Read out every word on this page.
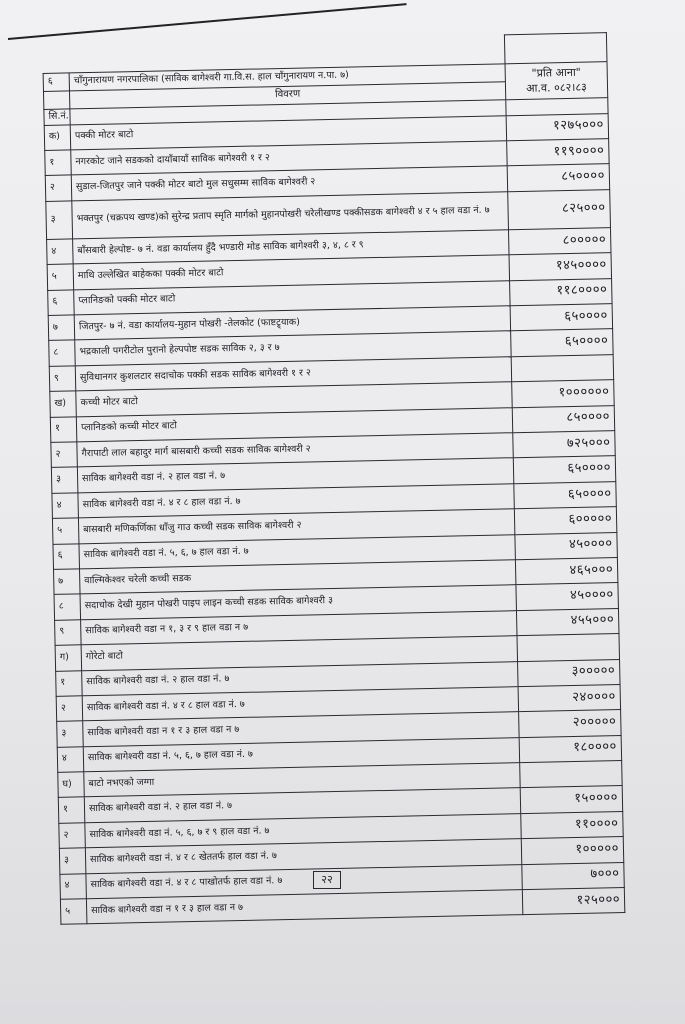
६	चाँगुनारायण नगरपालिका (साविक बागेश्वरी गा.वि.स. हाल चाँगुनारायण न.पा. ७)	"प्रति आना"
आ.व. ०८२।८३

	विवरण	
सि.नं.		
क)	पक्की मोटर बाटो	१२७५०००
१	नगरकोट जाने सडकको दायाँबायाँ साविक बागेश्वरी १ र २	११९००००
२	सुडाल-जितपुर जाने पक्की मोटर बाटो मुल सधुसम्म साविक बागेश्वरी २	८५००००
३	भक्तपुर (चक्रपथ खण्ड)को सुरेन्द्र प्रताप स्मृति मार्गको मुहानपोखरी चरेलीखण्ड पक्कीसडक बागेश्वरी ४ र ५ हाल वडा नं. ७	८२५०००
४	बाँसबारी हेल्पोष्ट- ७ नं. वडा कार्यालय हुँदै भण्डारी मोड साविक बागेश्वरी ३, ४, ८ र ९	८०००००
५	माथि उल्लेखित बाहेकका पक्की मोटर बाटो	१४५००००
६	प्लानिङको पक्की मोटर बाटो	११८००००
७	जितपुर- ७ नं. वडा कार्यालय-मुहान पोखरी -तेलकोट (फाष्टट्र्याक)	६५००००
८	भद्रकाली पगरीटोल पुरानो हेल्पपोष्ट सडक साविक २, ३ र ७	६५००००
९	सुविधानगर कुशलटार सदाचोक पक्की सडक साविक बागेश्वरी १ र २	
ख)	कच्ची मोटर बाटो	१००००००
१	प्लानिङको कच्ची मोटर बाटो	८५००००
२	गैरापाटी लाल बहादुर मार्ग बासबारी कच्ची सडक साविक बागेश्वरी २	७२५०००
३	साविक बागेश्वरी वडा नं. २ हाल वडा नं. ७	६५००००
४	साविक बागेश्वरी वडा नं. ४ र ८ हाल वडा नं. ७	६५००००
५	बासबारी मणिकर्णिका धाँजु गाउ कच्ची सडक साविक बागेश्वरी २	६०००००
६	साविक बागेश्वरी वडा नं. ५, ६, ७ हाल वडा नं. ७	४५००००
७	वाल्मिकेश्वर चरेली कच्ची सडक	४६५०००
८	सदाचोक देखी मुहान पोखरी पाइप लाइन कच्ची सडक साविक बागेश्वरी ३	४५००००
९	साविक बागेश्वरी वडा न १, ३ र ९ हाल वडा न ७	४५५०००
ग)	गोरेटो बाटो	
१	साविक बागेश्वरी वडा नं. २ हाल वडा नं. ७	३०००००
२	साविक बागेश्वरी वडा नं. ४ र ८ हाल वडा नं. ७	२४००००
३	साविक बागेश्वरी वडा न १ र ३ हाल वडा न ७	२०००००
४	साविक बागेश्वरी वडा नं. ५, ६, ७ हाल वडा नं. ७	१८००००
घ)	बाटो नभएको जग्गा	
१	साविक बागेश्वरी वडा नं. २ हाल वडा नं. ७	१५००००
२	साविक बागेश्वरी वडा नं. ५, ६, ७ र ९ हाल वडा नं. ७	११००००
३	साविक बागेश्वरी वडा नं. ४ र ८ खेततर्फ हाल वडा नं. ७	१०००००
४	साविक बागेश्वरी वडा नं. ४ र ८ पाखोतर्फ हाल वडा नं. ७	७०००
५	साविक बागेश्वरी वडा न १ र ३ हाल वडा न ७	१२५०००
२२
